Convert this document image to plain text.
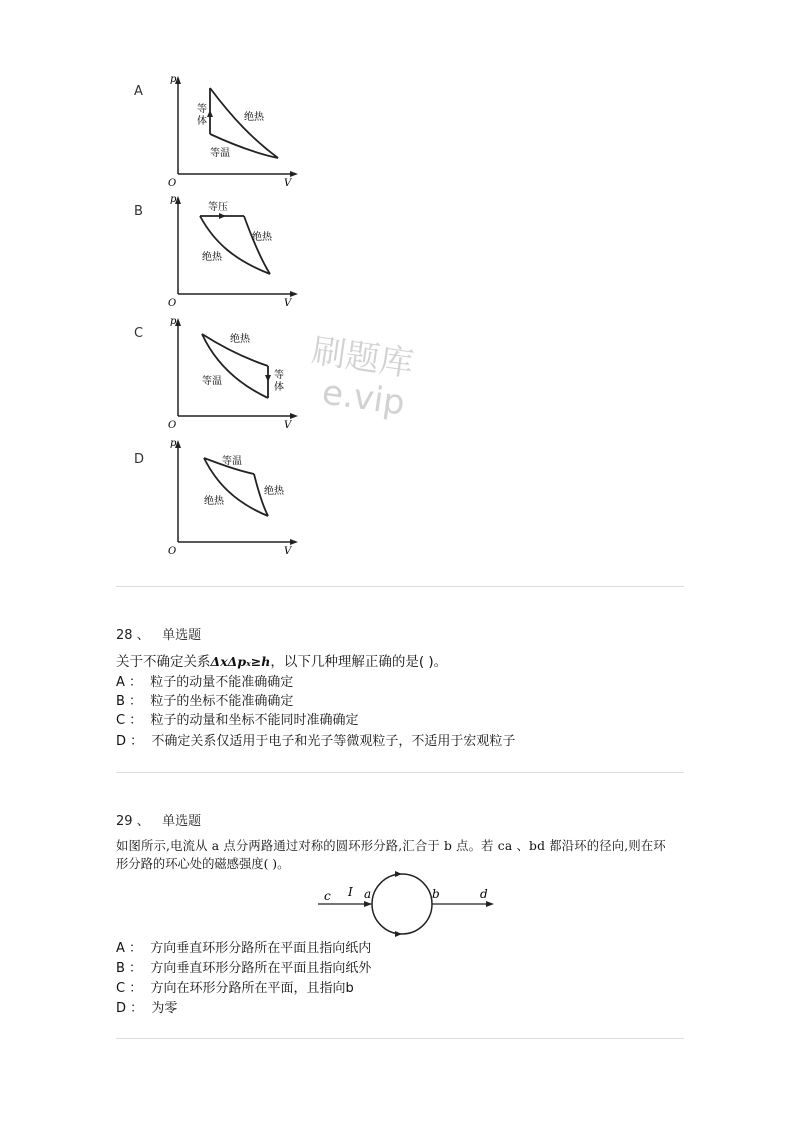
刷题库
e.vip
A
p
V
O
等
体	绝热
等温
B
p
V
O
等压
绝热
绝热
C
p
V
O
绝热
等温
等
体
D
p
V
O
等温
绝热
绝热
28 、 单选题
关于不确定关系ΔxΔpₓ≥h，以下几种理解正确的是( )。
A ： 粒子的动量不能准确确定
B ： 粒子的坐标不能准确确定
C ： 粒子的动量和坐标不能同时准确确定
D ： 不确定关系仅适用于电子和光子等微观粒子，不适用于宏观粒子
29 、 单选题
如图所示,电流从 a 点分两路通过对称的圆环形分路,汇合于 b 点。若 ca 、bd 都沿环的径向,则在环
形分路的环心处的磁感强度( )。
c I a	b	d
A ： 方向垂直环形分路所在平面且指向纸内
B ： 方向垂直环形分路所在平面且指向纸外
C ： 方向在环形分路所在平面，且指向b
D ： 为零
